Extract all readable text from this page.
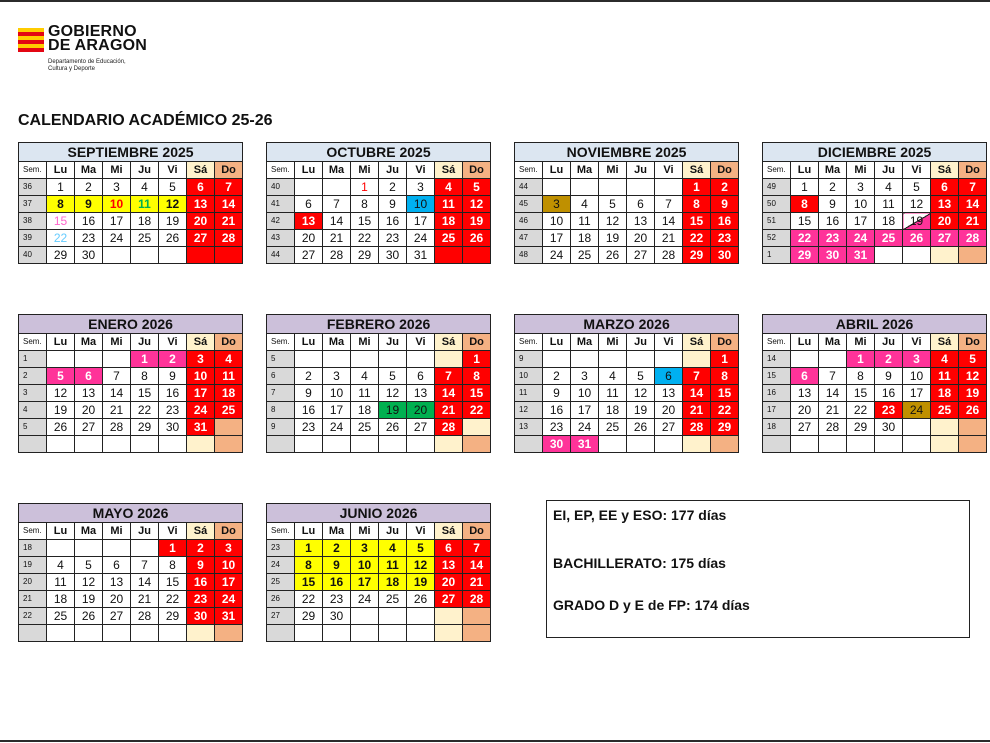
GOBIERNO
DE ARAGON
Departamento de Educación,
Cultura y Deporte
CALENDARIO ACADÉMICO 25-26
SEPTIEMBRE 2025							
Sem.	Lu	Ma	Mi	Ju	Vi	Sá	Do
36	1	2	3	4	5	6	7
37	8	9	10	11	12	13	14
38	15	16	17	18	19	20	21
39	22	23	24	25	26	27	28
40	29	30					
OCTUBRE 2025							
Sem.	Lu	Ma	Mi	Ju	Vi	Sá	Do
40			1	2	3	4	5
41	6	7	8	9	10	11	12
42	13	14	15	16	17	18	19
43	20	21	22	23	24	25	26
44	27	28	29	30	31		
NOVIEMBRE 2025							
Sem.	Lu	Ma	Mi	Ju	Vi	Sá	Do
44						1	2
45	3	4	5	6	7	8	9
46	10	11	12	13	14	15	16
47	17	18	19	20	21	22	23
48	24	25	26	27	28	29	30
DICIEMBRE 2025							
Sem.	Lu	Ma	Mi	Ju	Vi	Sá	Do
49	1	2	3	4	5	6	7
50	8	9	10	11	12	13	14
51	15	16	17	18	19	20	21
52	22	23	24	25	26	27	28
1	29	30	31				
ENERO 2026							
Sem.	Lu	Ma	Mi	Ju	Vi	Sá	Do
1				1	2	3	4
2	5	6	7	8	9	10	11
3	12	13	14	15	16	17	18
4	19	20	21	22	23	24	25
5	26	27	28	29	30	31	

FEBRERO 2026							
Sem.	Lu	Ma	Mi	Ju	Vi	Sá	Do
5							1
6	2	3	4	5	6	7	8
7	9	10	11	12	13	14	15
8	16	17	18	19	20	21	22
9	23	24	25	26	27	28	

MARZO 2026							
Sem.	Lu	Ma	Mi	Ju	Vi	Sá	Do
9							1
10	2	3	4	5	6	7	8
11	9	10	11	12	13	14	15
12	16	17	18	19	20	21	22
13	23	24	25	26	27	28	29
	30	31					
ABRIL 2026							
Sem.	Lu	Ma	Mi	Ju	Vi	Sá	Do
14			1	2	3	4	5
15	6	7	8	9	10	11	12
16	13	14	15	16	17	18	19
17	20	21	22	23	24	25	26
18	27	28	29	30			

MAYO 2026							
Sem.	Lu	Ma	Mi	Ju	Vi	Sá	Do
18					1	2	3
19	4	5	6	7	8	9	10
20	11	12	13	14	15	16	17
21	18	19	20	21	22	23	24
22	25	26	27	28	29	30	31

JUNIO 2026							
Sem.	Lu	Ma	Mi	Ju	Vi	Sá	Do
23	1	2	3	4	5	6	7
24	8	9	10	11	12	13	14
25	15	16	17	18	19	20	21
26	22	23	24	25	26	27	28
27	29	30					

EI, EP, EE y ESO: 177 días
BACHILLERATO: 175 días
GRADO D y E de FP: 174 días
